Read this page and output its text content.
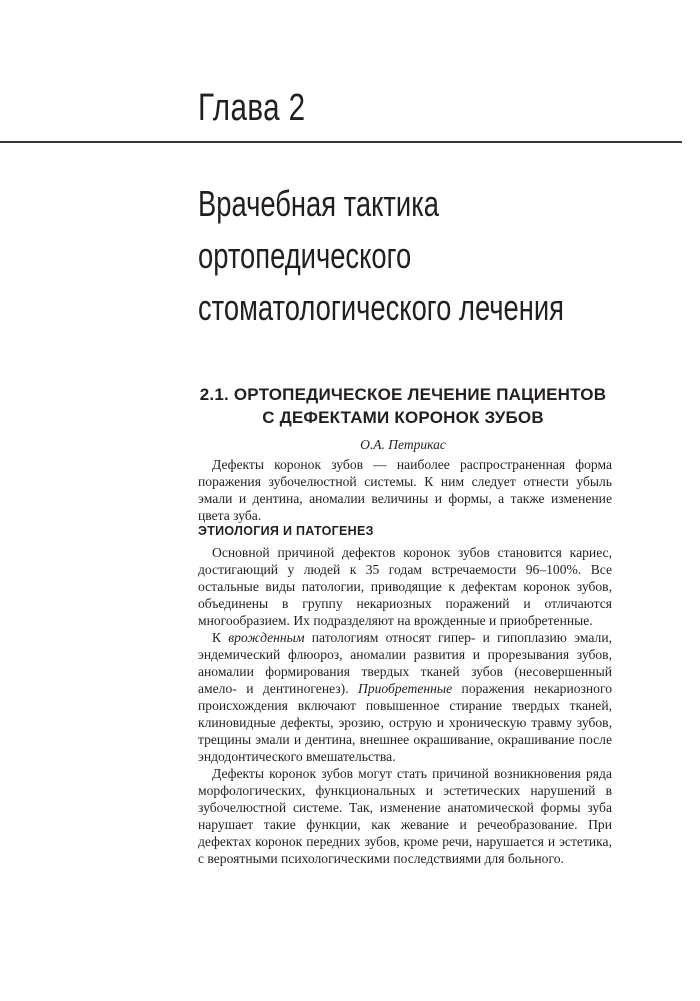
Глава 2
Врачебная тактика
ортопедического
стоматологического лечения
2.1. ОРТОПЕДИЧЕСКОЕ ЛЕЧЕНИЕ ПАЦИЕНТОВ
С ДЕФЕКТАМИ КОРОНОК ЗУБОВ
О.А. Петрикас

Дефекты коронок зубов — наиболее распространенная форма поражения зубочелюстной системы. К ним следует отнести убыль эмали и дентина, аномалии величины и формы, а также изменение цвета зуба.

ЭТИОЛОГИЯ И ПАТОГЕНЕЗ

Основной причиной дефектов коронок зубов становится кариес, достигающий у людей к 35 годам встречаемости 96–100%. Все остальные виды патологии, приводящие к дефектам коронок зубов, объединены в группу некариозных поражений и отличаются многообразием. Их подразделяют на врожденные и приобретенные.

К врожденным патологиям относят гипер- и гипоплазию эмали, эндемический флюороз, аномалии развития и прорезывания зубов, аномалии формирования твердых тканей зубов (несовершенный амело- и дентиногенез). Приобретенные поражения некариозного происхождения включают повышенное стирание твердых тканей, клиновидные дефекты, эрозию, острую и хроническую травму зубов, трещины эмали и дентина, внешнее окрашивание, окрашивание после эндодонтического вмешательства.

Дефекты коронок зубов могут стать причиной возникновения ряда морфологических, функциональных и эстетических нарушений в зубочелюстной системе. Так, изменение анатомической формы зуба нарушает такие функции, как жевание и речеобразование. При дефектах коронок передних зубов, кроме речи, нарушается и эстетика, с вероятными психологическими последствиями для больного.
